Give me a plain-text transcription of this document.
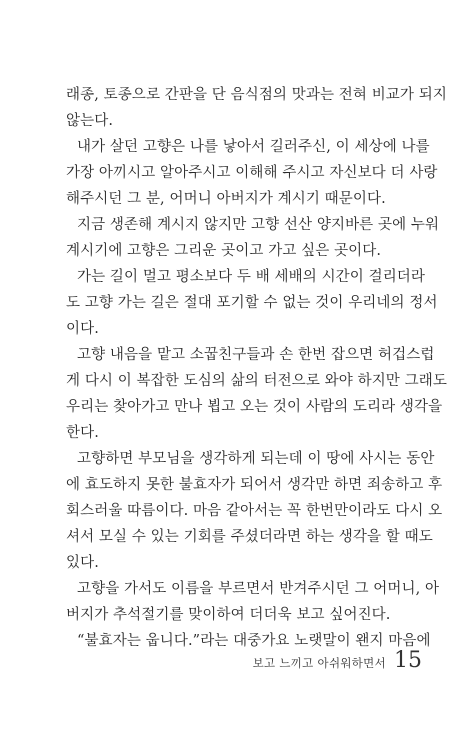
래종, 토종으로 간판을 단 음식점의 맛과는 전혀 비교가 되지
않는다.
내가 살던 고향은 나를 낳아서 길러주신, 이 세상에 나를
가장 아끼시고 알아주시고 이해해 주시고 자신보다 더 사랑
해주시던 그 분, 어머니 아버지가 계시기 때문이다.
지금 생존해 계시지 않지만 고향 선산 양지바른 곳에 누워
계시기에 고향은 그리운 곳이고 가고 싶은 곳이다.
가는 길이 멀고 평소보다 두 배 세배의 시간이 걸리더라
도 고향 가는 길은 절대 포기할 수 없는 것이 우리네의 정서
이다.
고향 내음을 맡고 소꿉친구들과 손 한번 잡으면 허겁스럽
게 다시 이 복잡한 도심의 삶의 터전으로 와야 하지만 그래도
우리는 찾아가고 만나 뵙고 오는 것이 사람의 도리라 생각을
한다.
고향하면 부모님을 생각하게 되는데 이 땅에 사시는 동안
에 효도하지 못한 불효자가 되어서 생각만 하면 죄송하고 후
회스러울 따름이다. 마음 같아서는 꼭 한번만이라도 다시 오
셔서 모실 수 있는 기회를 주셨더라면 하는 생각을 할 때도
있다.
고향을 가서도 이름을 부르면서 반겨주시던 그 어머니, 아
버지가 추석절기를 맞이하여 더더욱 보고 싶어진다.
“불효자는 웁니다.”라는 대중가요 노랫말이 왠지 마음에
보고 느끼고 아쉬워하면서 15
